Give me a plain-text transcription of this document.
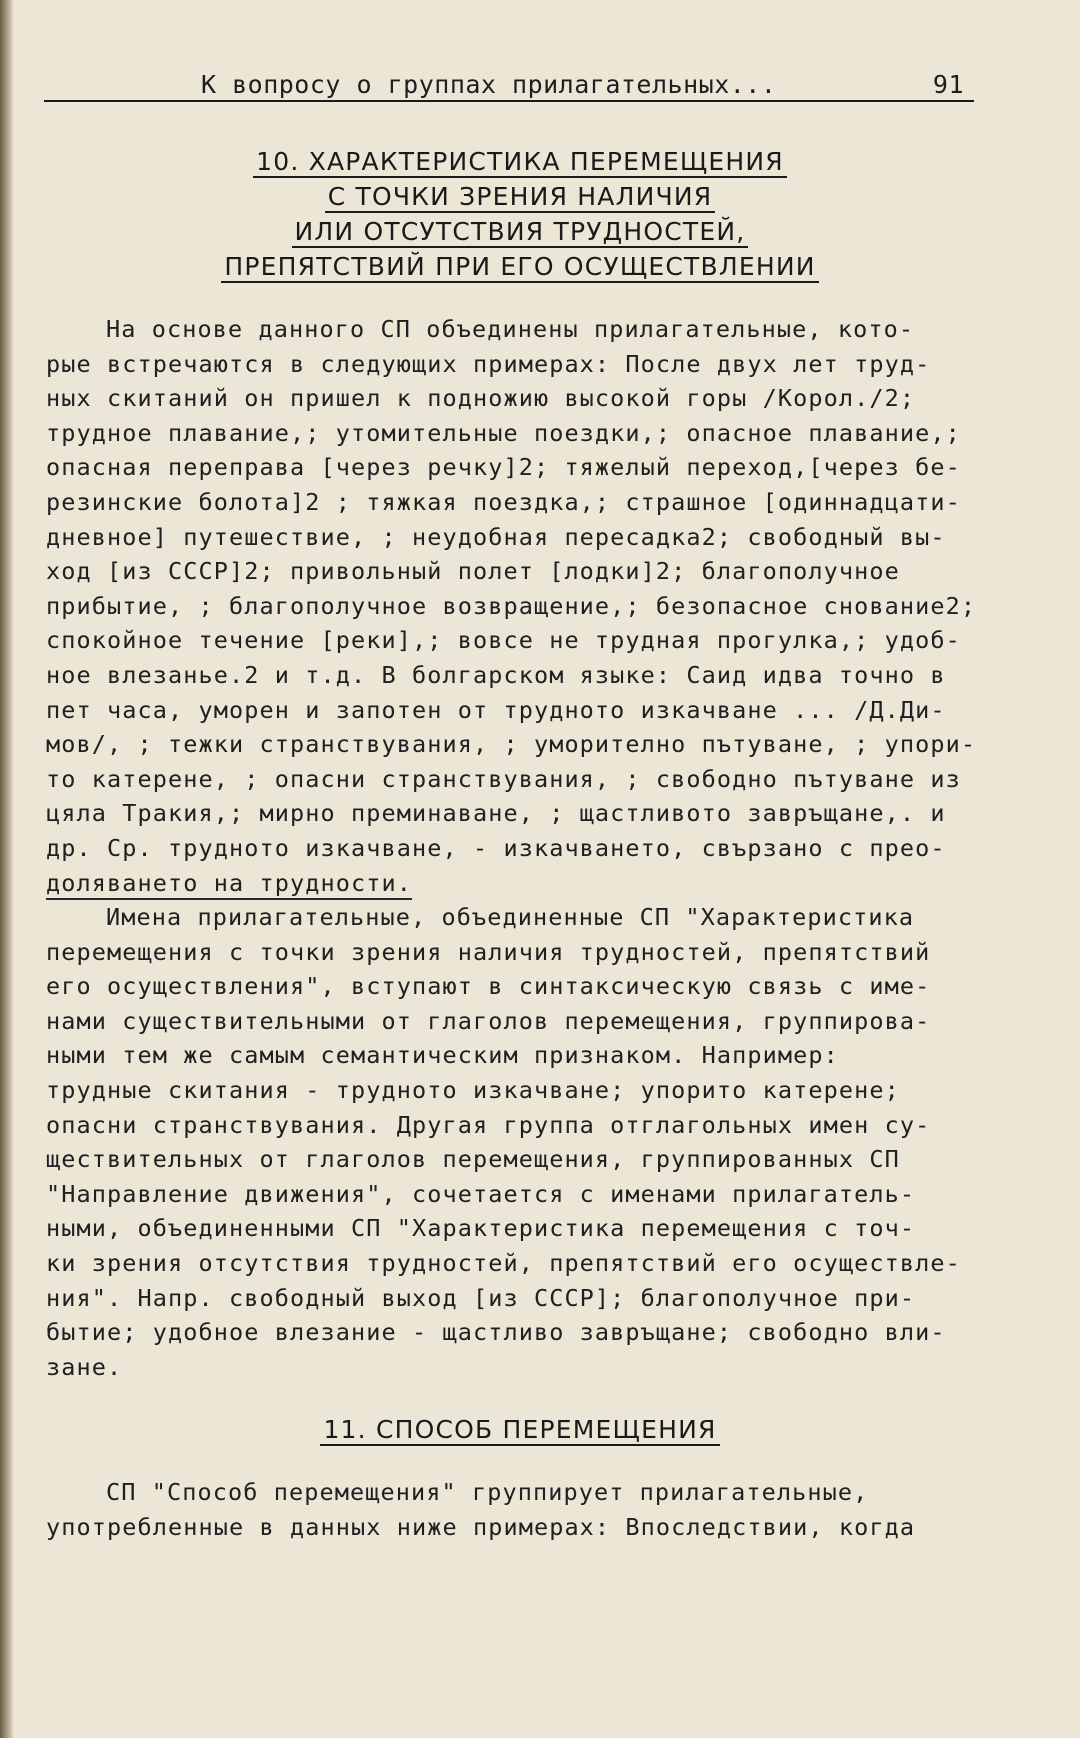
К вопросу о группах прилагательных...	91
10. ХАРАКТЕРИСТИКА ПЕРЕМЕЩЕНИЯ
С ТОЧКИ ЗРЕНИЯ НАЛИЧИЯ
ИЛИ ОТСУТСТВИЯ ТРУДНОСТЕЙ,
ПРЕПЯТСТВИЙ ПРИ ЕГО ОСУЩЕСТВЛЕНИИ
На основе данного СП объединены прилагательные, кото-
рые встречаются в следующих примерах: После двух лет труд-
ных скитаний он пришел к подножию высокой горы /Корол./2;
трудное плавание,; утомительные поездки,; опасное плавание,;
опасная переправа [через речку]2; тяжелый переход,[через бе-
резинские болота]2 ; тяжкая поездка,; страшное [одиннадцати-
дневное] путешествие, ; неудобная пересадка2; свободный вы-
ход [из СССР]2; привольный полет [лодки]2; благополучное
прибытие, ; благополучное возвращение,; безопасное снование2;
спокойное течение [реки],; вовсе не трудная прогулка,; удоб-
ное влезанье.2 и т.д. В болгарском языке: Саид идва точно в
пет часа, уморен и запотен от трудното изкачване ... /Д.Ди-
мов/, ; тежки странствувания, ; уморително пътуване, ; упори-
то катерене, ; опасни странствувания, ; свободно пътуване из
цяла Тракия,; мирно преминаване, ; щастливото завръщане,. и
др. Ср. трудното изкачване, - изкачването, свързано с прео-
доляването на трудности.
Имена прилагательные, объединенные СП "Характеристика
перемещения с точки зрения наличия трудностей, препятствий
его осуществления", вступают в синтаксическую связь с име-
нами существительными от глаголов перемещения, группирова-
ными тем же самым семантическим признаком. Например:
трудные скитания - трудното изкачване; упорито катерене;
опасни странствувания. Другая группа отглагольных имен су-
ществительных от глаголов перемещения, группированных СП
"Направление движения", сочетается с именами прилагатель-
ными, объединенными СП "Характеристика перемещения с точ-
ки зрения отсутствия трудностей, препятствий его осуществле-
ния". Напр. свободный выход [из СССР]; благополучное при-
бытие; удобное влезание - щастливо завръщане; свободно вли-
зане.
11. СПОСОБ ПЕРЕМЕЩЕНИЯ
СП "Способ перемещения" группирует прилагательные,
употребленные в данных ниже примерах: Впоследствии, когда
